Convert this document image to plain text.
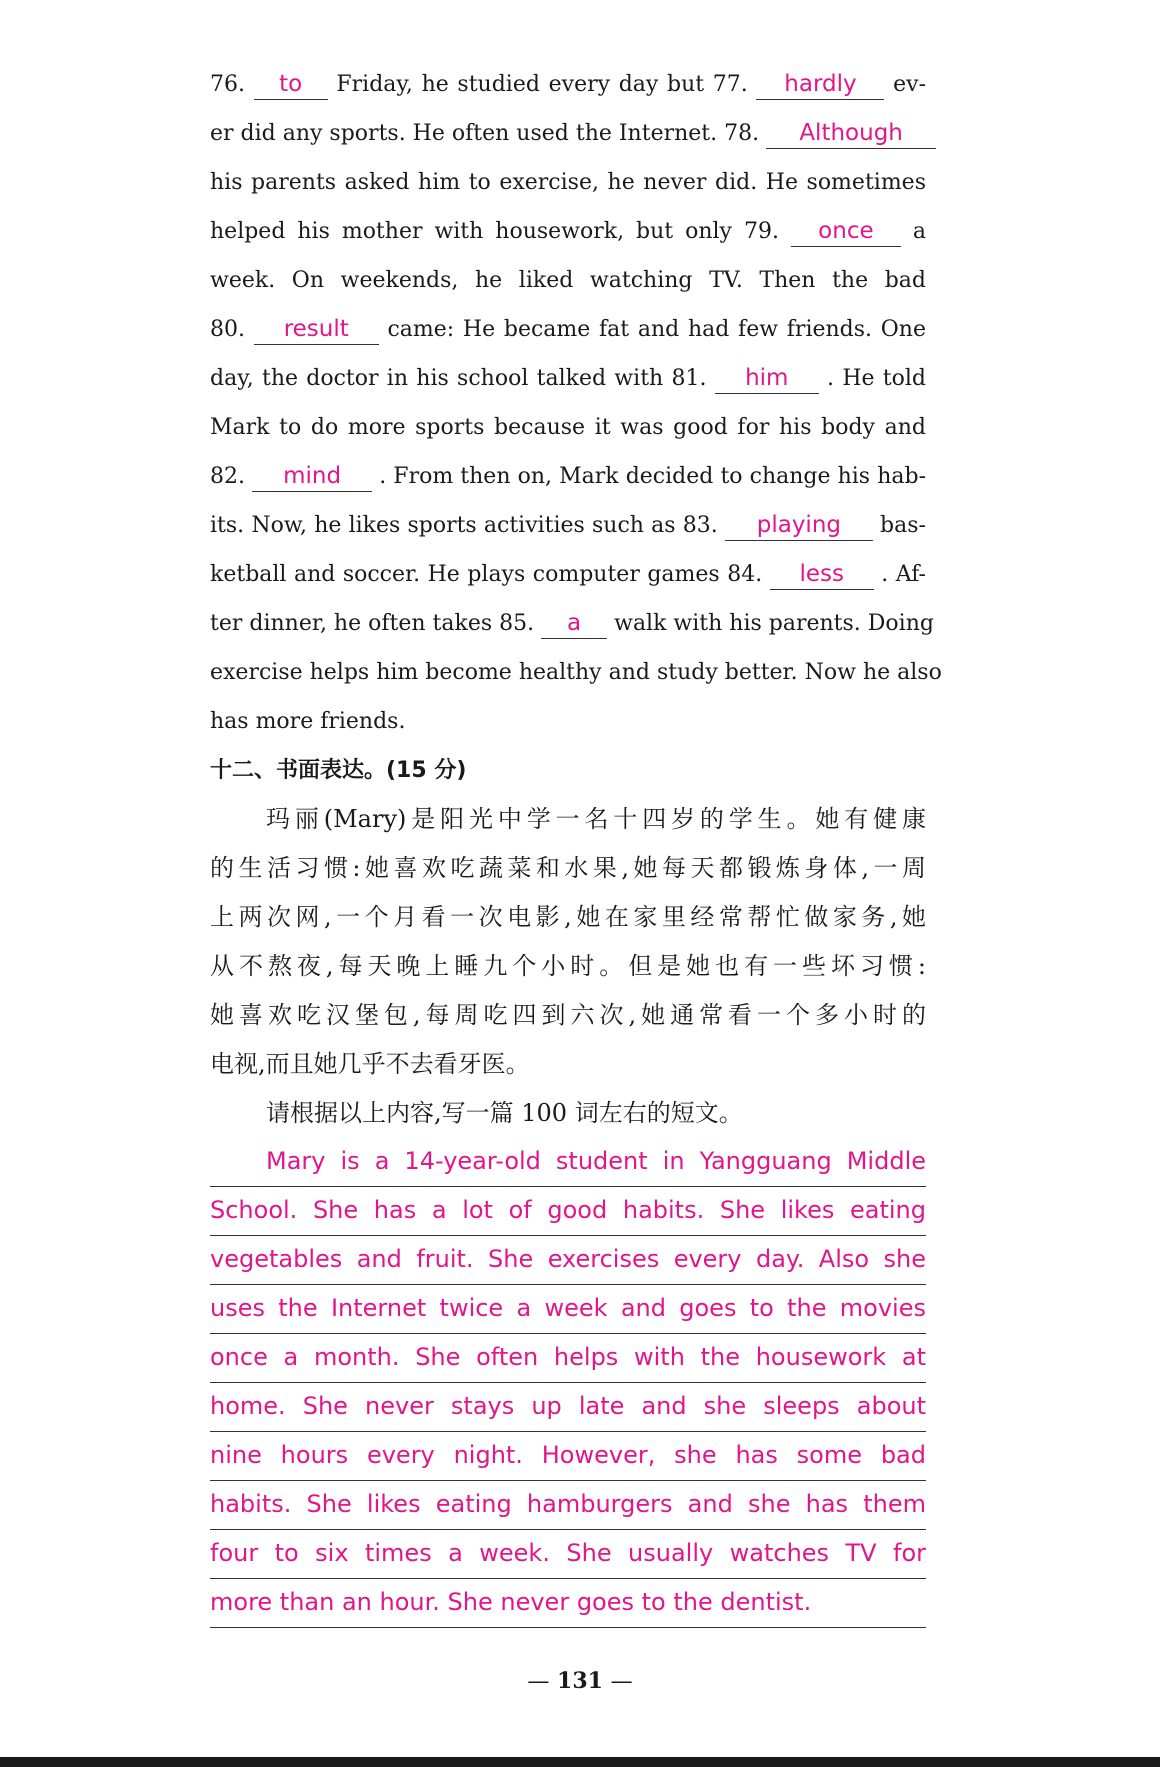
76. to Friday, he studied every day but 77. hardly ev-
er did any sports. He often used the Internet. 78. Although
his parents asked him to exercise, he never did. He sometimes
helped his mother with housework, but only 79. once a
week. On weekends, he liked watching TV. Then the bad
80. result came: He became fat and had few friends. One
day, the doctor in his school talked with 81. him . He told
Mark to do more sports because it was good for his body and
82. mind . From then on, Mark decided to change his hab-
its. Now, he likes sports activities such as 83. playing bas-
ketball and soccer. He plays computer games 84. less . Af-
ter dinner, he often takes 85. a walk with his parents. Doing
exercise helps him become healthy and study better. Now he also
has more friends.
十二、书面表达。(15 分)
玛丽(Mary)是阳光中学一名十四岁的学生。她有健康
的生活习惯:她喜欢吃蔬菜和水果,她每天都锻炼身体,一周
上两次网,一个月看一次电影,她在家里经常帮忙做家务,她
从不熬夜,每天晚上睡九个小时。但是她也有一些坏习惯:
她喜欢吃汉堡包,每周吃四到六次,她通常看一个多小时的
电视,而且她几乎不去看牙医。
请根据以上内容,写一篇 100 词左右的短文。
Mary is a 14-year-old student in Yangguang Middle
School. She has a lot of good habits. She likes eating
vegetables and fruit. She exercises every day. Also she
uses the Internet twice a week and goes to the movies
once a month. She often helps with the housework at
home. She never stays up late and she sleeps about
nine hours every night. However, she has some bad
habits. She likes eating hamburgers and she has them
four to six times a week. She usually watches TV for
more than an hour. She never goes to the dentist.
— 131 —
